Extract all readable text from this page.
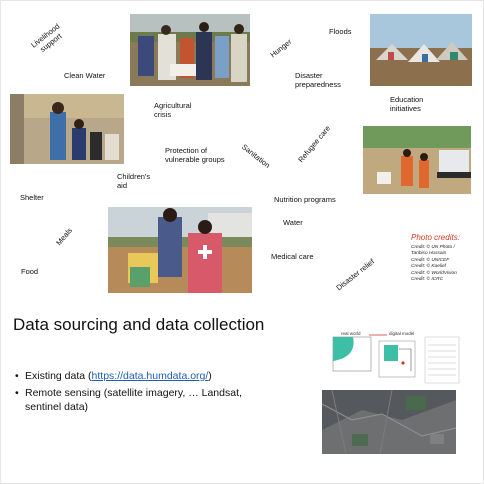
Livelihood support
Clean Water
Hunger
Floods
Disaster preparedness
Agricultural crisis
Education initiatives
Protection of vulnerable groups	Sanitation	Refugee care
Children's aid
Shelter
Meals
Nutrition programs
Water
Medical care
Disaster relief
Food
Photo credits:
Credit: © UN Photo /
Tanbiso Hussain
Credit: © UNICEF
Credit: © Kaelief
Credit: © WorldVision
Credit: © ICRC
Data sourcing and data collection
• Existing data (https://data.humdata.org/)
• Remote sensing (satellite imagery, … Landsat, sentinel data)
real world	digital model
